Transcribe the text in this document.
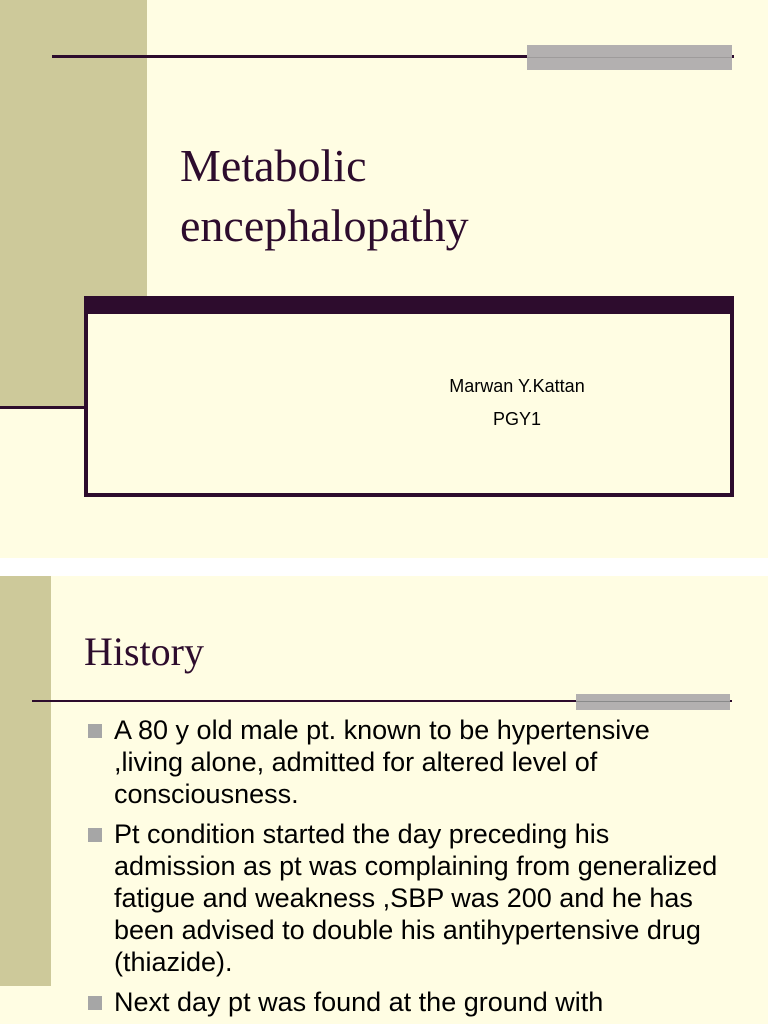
Metabolic
encephalopathy
Marwan Y.Kattan
PGY1
History
A 80 y old male pt. known to be hypertensive ,living alone, admitted for altered level of consciousness.
Pt condition started the day preceding his admission as pt was complaining from generalized fatigue and weakness ,SBP was 200 and he has been advised to double his antihypertensive drug (thiazide).
Next day pt was found at the ground with
